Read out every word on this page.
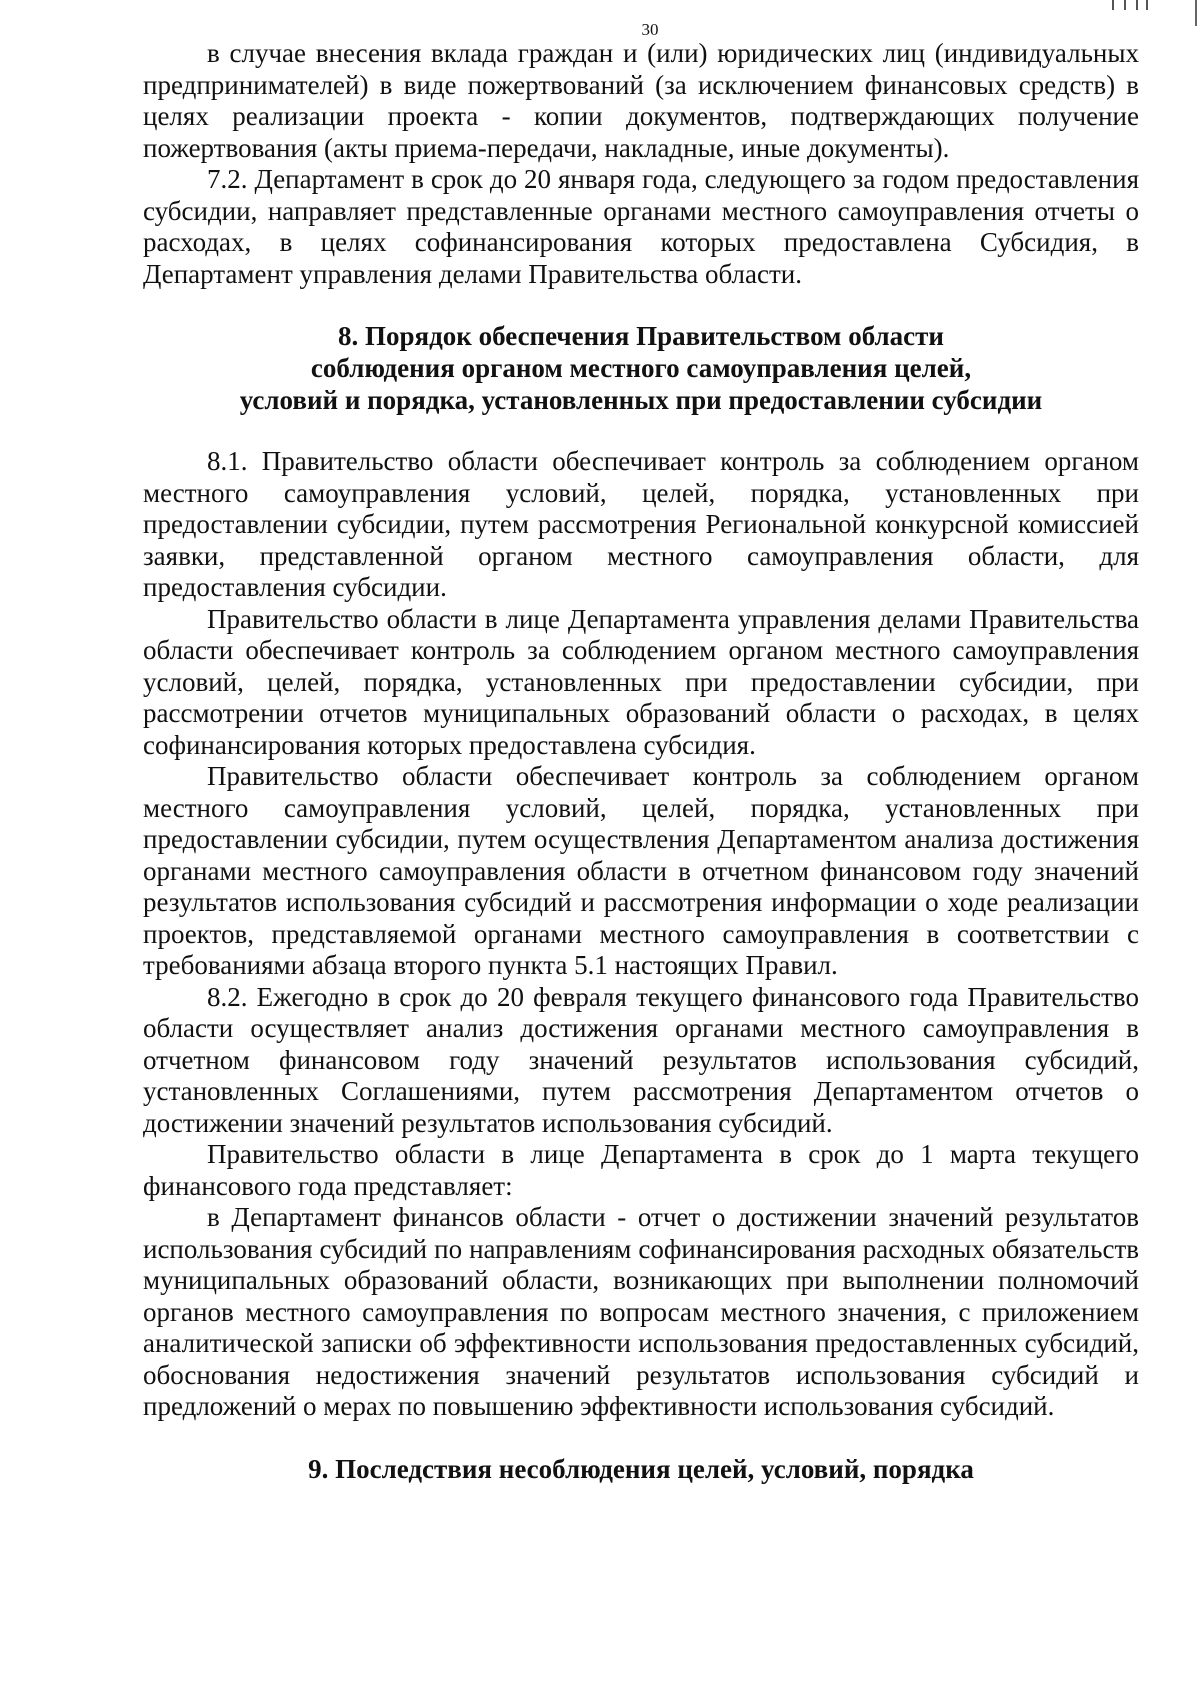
30

в случае внесения вклада граждан и (или) юридических лиц (индивидуальных предпринимателей) в виде пожертвований (за исключением финансовых средств) в целях реализации проекта - копии документов, подтверждающих получение пожертвования (акты приема-передачи, накладные, иные документы).

7.2. Департамент в срок до 20 января года, следующего за годом предоставления субсидии, направляет представленные органами местного самоуправления отчеты о расходах, в целях софинансирования которых предоставлена Субсидия, в Департамент управления делами Правительства области.

8. Порядок обеспечения Правительством области
соблюдения органом местного самоуправления целей,
условий и порядка, установленных при предоставлении субсидии

8.1. Правительство области обеспечивает контроль за соблюдением органом местного самоуправления условий, целей, порядка, установленных при предоставлении субсидии, путем рассмотрения Региональной конкурсной комиссией заявки, представленной органом местного самоуправления области, для предоставления субсидии.

Правительство области в лице Департамента управления делами Правительства области обеспечивает контроль за соблюдением органом местного самоуправления условий, целей, порядка, установленных при предоставлении субсидии, при рассмотрении отчетов муниципальных образований области о расходах, в целях софинансирования которых предоставлена субсидия.

Правительство области обеспечивает контроль за соблюдением органом местного самоуправления условий, целей, порядка, установленных при предоставлении субсидии, путем осуществления Департаментом анализа достижения органами местного самоуправления области в отчетном финансовом году значений результатов использования субсидий и рассмотрения информации о ходе реализации проектов, представляемой органами местного самоуправления в соответствии с требованиями абзаца второго пункта 5.1 настоящих Правил.

8.2. Ежегодно в срок до 20 февраля текущего финансового года Правительство области осуществляет анализ достижения органами местного самоуправления в отчетном финансовом году значений результатов использования субсидий, установленных Соглашениями, путем рассмотрения Департаментом отчетов о достижении значений результатов использования субсидий.

Правительство области в лице Департамента в срок до 1 марта текущего финансового года представляет:

в Департамент финансов области - отчет о достижении значений результатов использования субсидий по направлениям софинансирования расходных обязательств муниципальных образований области, возникающих при выполнении полномочий органов местного самоуправления по вопросам местного значения, с приложением аналитической записки об эффективности использования предоставленных субсидий, обоснования недостижения значений результатов использования субсидий и предложений о мерах по повышению эффективности использования субсидий.

9. Последствия несоблюдения целей, условий, порядка
